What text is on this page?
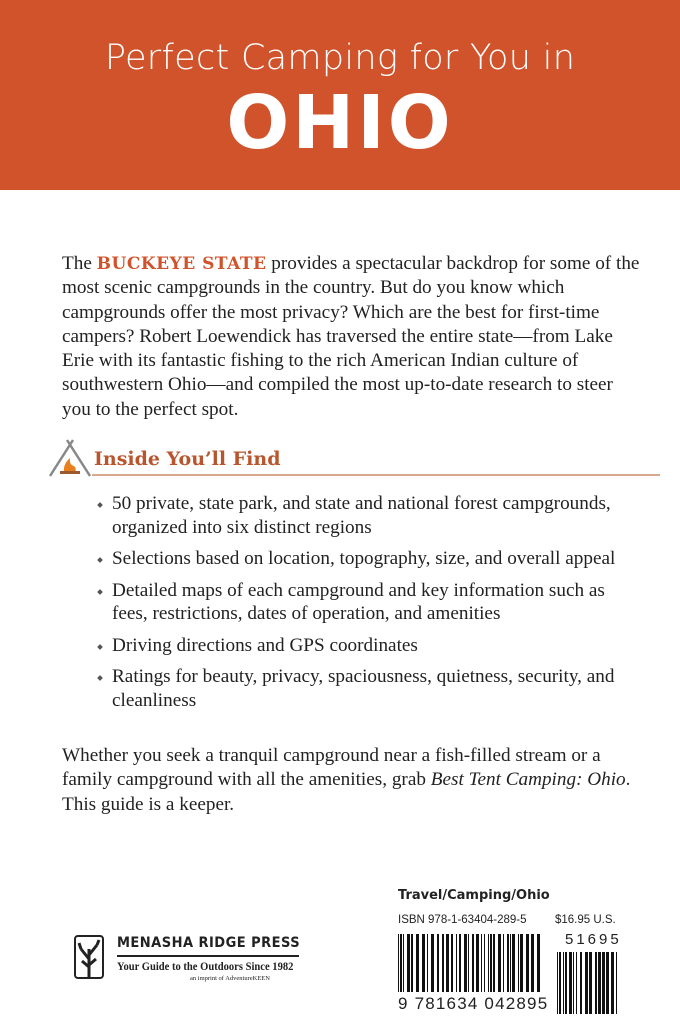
Perfect Camping for You in
OHIO

The BUCKEYE STATE provides a spectacular backdrop for some of the most scenic campgrounds in the country. But do you know which campgrounds offer the most privacy? Which are the best for first-time campers? Robert Loewendick has traversed the entire state—from Lake Erie with its fantastic fishing to the rich American Indian culture of southwestern Ohio—and compiled the most up-to-date research to steer you to the perfect spot.

Inside You’ll Find
50 private, state park, and state and national forest campgrounds, organized into six distinct regions
Selections based on location, topography, size, and overall appeal
Detailed maps of each campground and key information such as fees, restrictions, dates of operation, and amenities
Driving directions and GPS coordinates
Ratings for beauty, privacy, spaciousness, quietness, security, and cleanliness

Whether you seek a tranquil campground near a fish-filled stream or a family campground with all the amenities, grab Best Tent Camping: Ohio. This guide is a keeper.

MENASHA RIDGE PRESS
Your Guide to the Outdoors Since 1982
an imprint of AdventureKEEN
Travel/Camping/Ohio
ISBN 978-1-63404-289-5 $16.95 U.S.
51695
9 781634 042895
